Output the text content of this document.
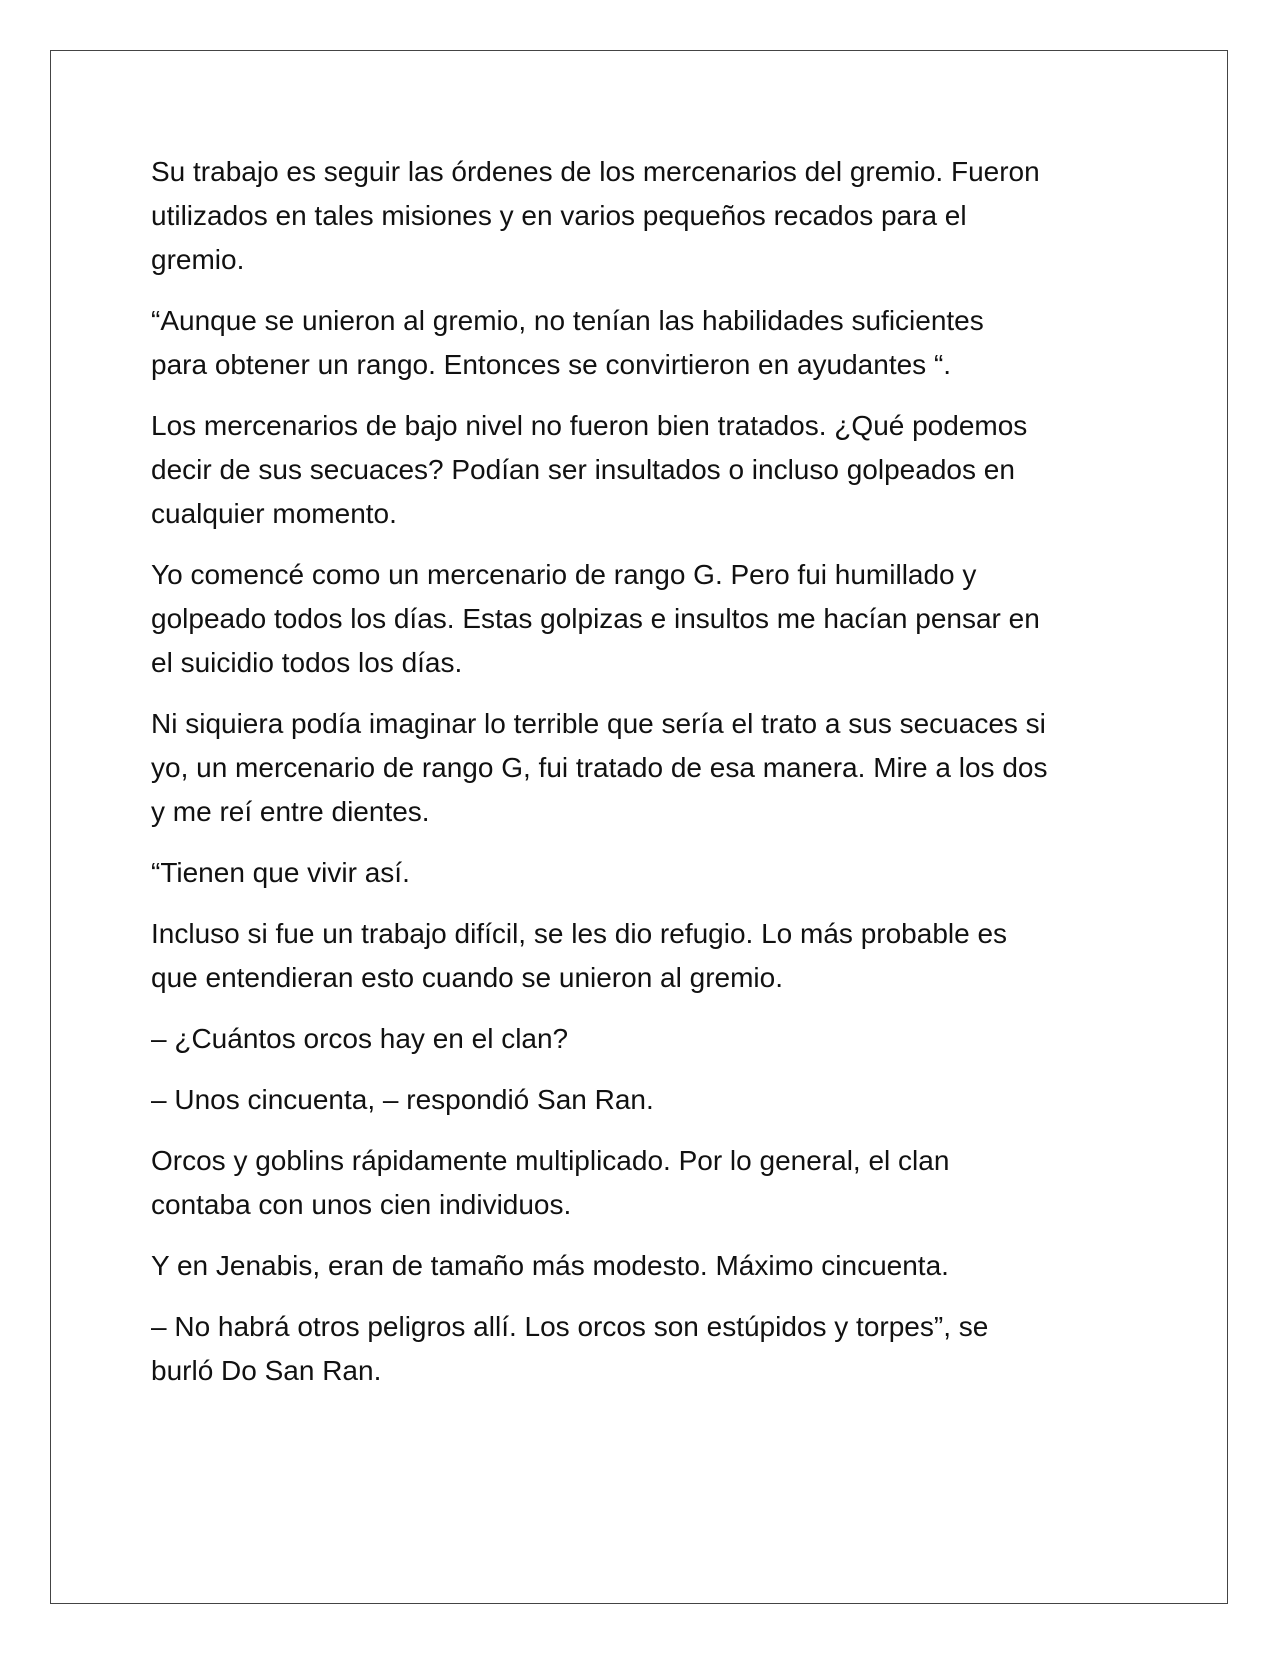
Su trabajo es seguir las órdenes de los mercenarios del gremio. Fueron
utilizados en tales misiones y en varios pequeños recados para el
gremio.

“Aunque se unieron al gremio, no tenían las habilidades suficientes
para obtener un rango. Entonces se convirtieron en ayudantes “.

Los mercenarios de bajo nivel no fueron bien tratados. ¿Qué podemos
decir de sus secuaces? Podían ser insultados o incluso golpeados en
cualquier momento.

Yo comencé como un mercenario de rango G. Pero fui humillado y
golpeado todos los días. Estas golpizas e insultos me hacían pensar en
el suicidio todos los días.

Ni siquiera podía imaginar lo terrible que sería el trato a sus secuaces si
yo, un mercenario de rango G, fui tratado de esa manera. Mire a los dos
y me reí entre dientes.

“Tienen que vivir así.

Incluso si fue un trabajo difícil, se les dio refugio. Lo más probable es
que entendieran esto cuando se unieron al gremio.

– ¿Cuántos orcos hay en el clan?

– Unos cincuenta, – respondió San Ran.

Orcos y goblins rápidamente multiplicado. Por lo general, el clan
contaba con unos cien individuos.

Y en Jenabis, eran de tamaño más modesto. Máximo cincuenta.

– No habrá otros peligros allí. Los orcos son estúpidos y torpes”, se
burló Do San Ran.
